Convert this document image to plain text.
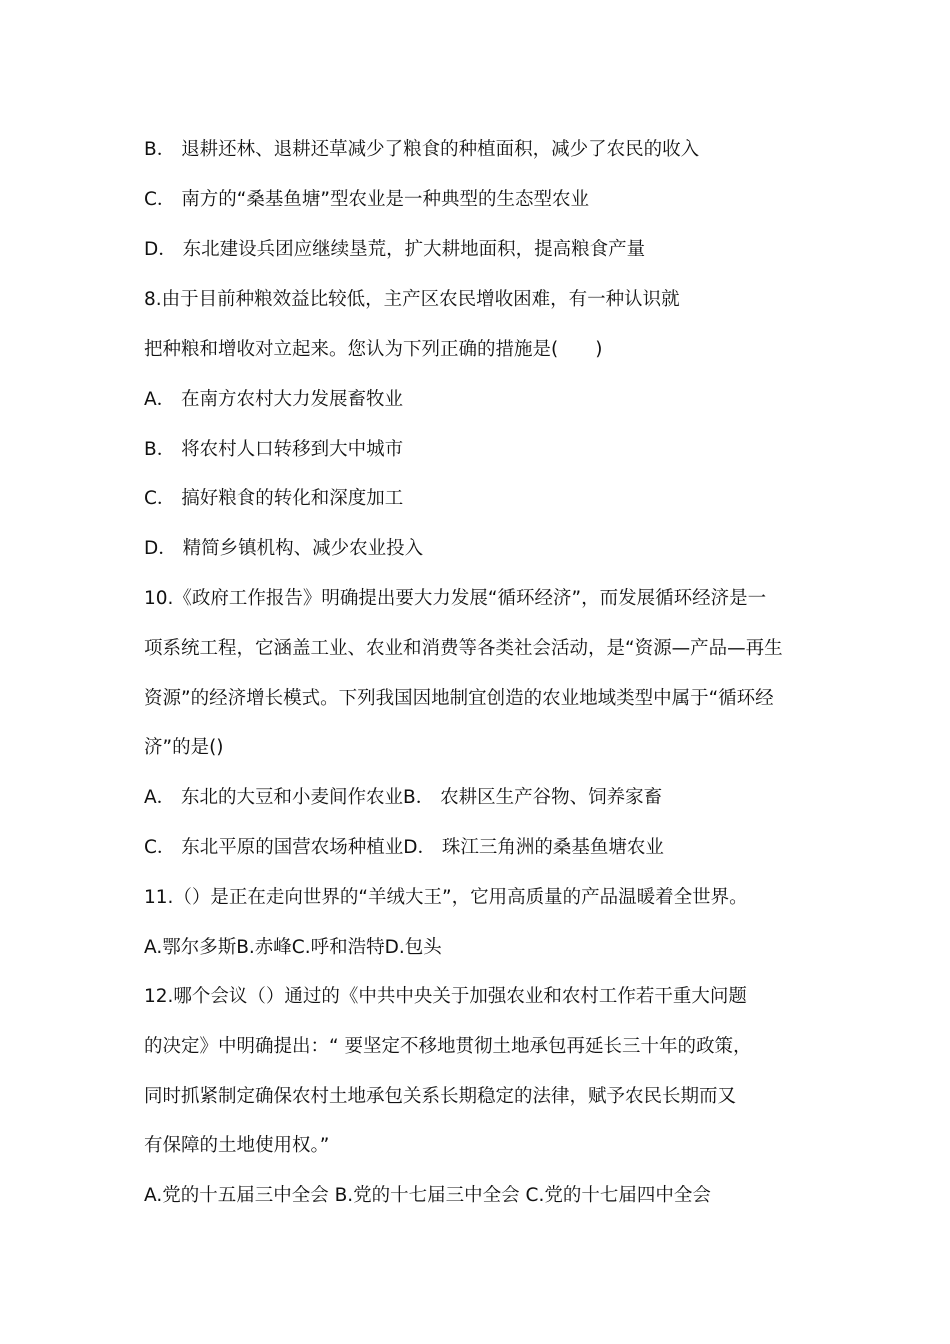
B． 退耕还林、退耕还草减少了粮食的种植面积，减少了农民的收入
C． 南方的“桑基鱼塘”型农业是一种典型的生态型农业
D． 东北建设兵团应继续垦荒，扩大耕地面积，提高粮食产量
8.由于目前种粮效益比较低，主产区农民增收困难，有一种认识就
把种粮和增收对立起来。您认为下列正确的措施是(　　)
A． 在南方农村大力发展畜牧业
B． 将农村人口转移到大中城市
C． 搞好粮食的转化和深度加工
D． 精简乡镇机构、减少农业投入
10.《政府工作报告》明确提出要大力发展“循环经济”，而发展循环经济是一
项系统工程，它涵盖工业、农业和消费等各类社会活动，是“资源—产品—再生
资源”的经济增长模式。下列我国因地制宜创造的农业地域类型中属于“循环经
济”的是()
A． 东北的大豆和小麦间作农业B． 农耕区生产谷物、饲养家畜
C． 东北平原的国营农场种植业D． 珠江三角洲的桑基鱼塘农业
11.（）是正在走向世界的“羊绒大王”，它用高质量的产品温暖着全世界。
A.鄂尔多斯B.赤峰C.呼和浩特D.包头
12.哪个会议（）通过的《中共中央关于加强农业和农村工作若干重大问题
的决定》中明确提出：“ 要坚定不移地贯彻土地承包再延长三十年的政策，
同时抓紧制定确保农村土地承包关系长期稳定的法律，赋予农民长期而又
有保障的土地使用权。”
A.党的十五届三中全会 B.党的十七届三中全会 C.党的十七届四中全会
